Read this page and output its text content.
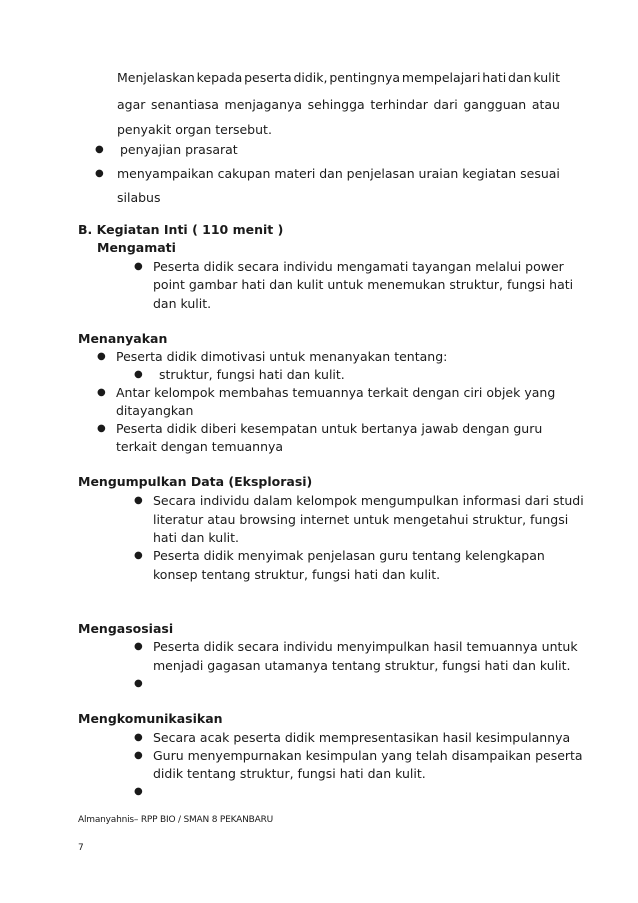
Menjelaskan kepada peserta didik, pentingnya mempelajari hati dan kulit
agar senantiasa menjaganya sehingga terhindar dari gangguan atau
penyakit organ tersebut.
● penyajian prasarat
● menyampaikan cakupan materi dan penjelasan uraian kegiatan sesuai
silabus
B. Kegiatan Inti ( 110 menit )
Mengamati
● Peserta didik secara individu mengamati tayangan melalui power
point gambar hati dan kulit untuk menemukan struktur, fungsi hati
dan kulit.
Menanyakan
● Peserta didik dimotivasi untuk menanyakan tentang:
● struktur, fungsi hati dan kulit.
● Antar kelompok membahas temuannya terkait dengan ciri objek yang
ditayangkan
● Peserta didik diberi kesempatan untuk bertanya jawab dengan guru
terkait dengan temuannya
Mengumpulkan Data (Eksplorasi)
● Secara individu dalam kelompok mengumpulkan informasi dari studi
literatur atau browsing internet untuk mengetahui struktur, fungsi
hati dan kulit.
● Peserta didik menyimak penjelasan guru tentang kelengkapan
konsep tentang struktur, fungsi hati dan kulit.
Mengasosiasi
● Peserta didik secara individu menyimpulkan hasil temuannya untuk
menjadi gagasan utamanya tentang struktur, fungsi hati dan kulit.
●
Mengkomunikasikan
● Secara acak peserta didik mempresentasikan hasil kesimpulannya
● Guru menyempurnakan kesimpulan yang telah disampaikan peserta
didik tentang struktur, fungsi hati dan kulit.
●
Almanyahnis– RPP BIO / SMAN 8 PEKANBARU
7
